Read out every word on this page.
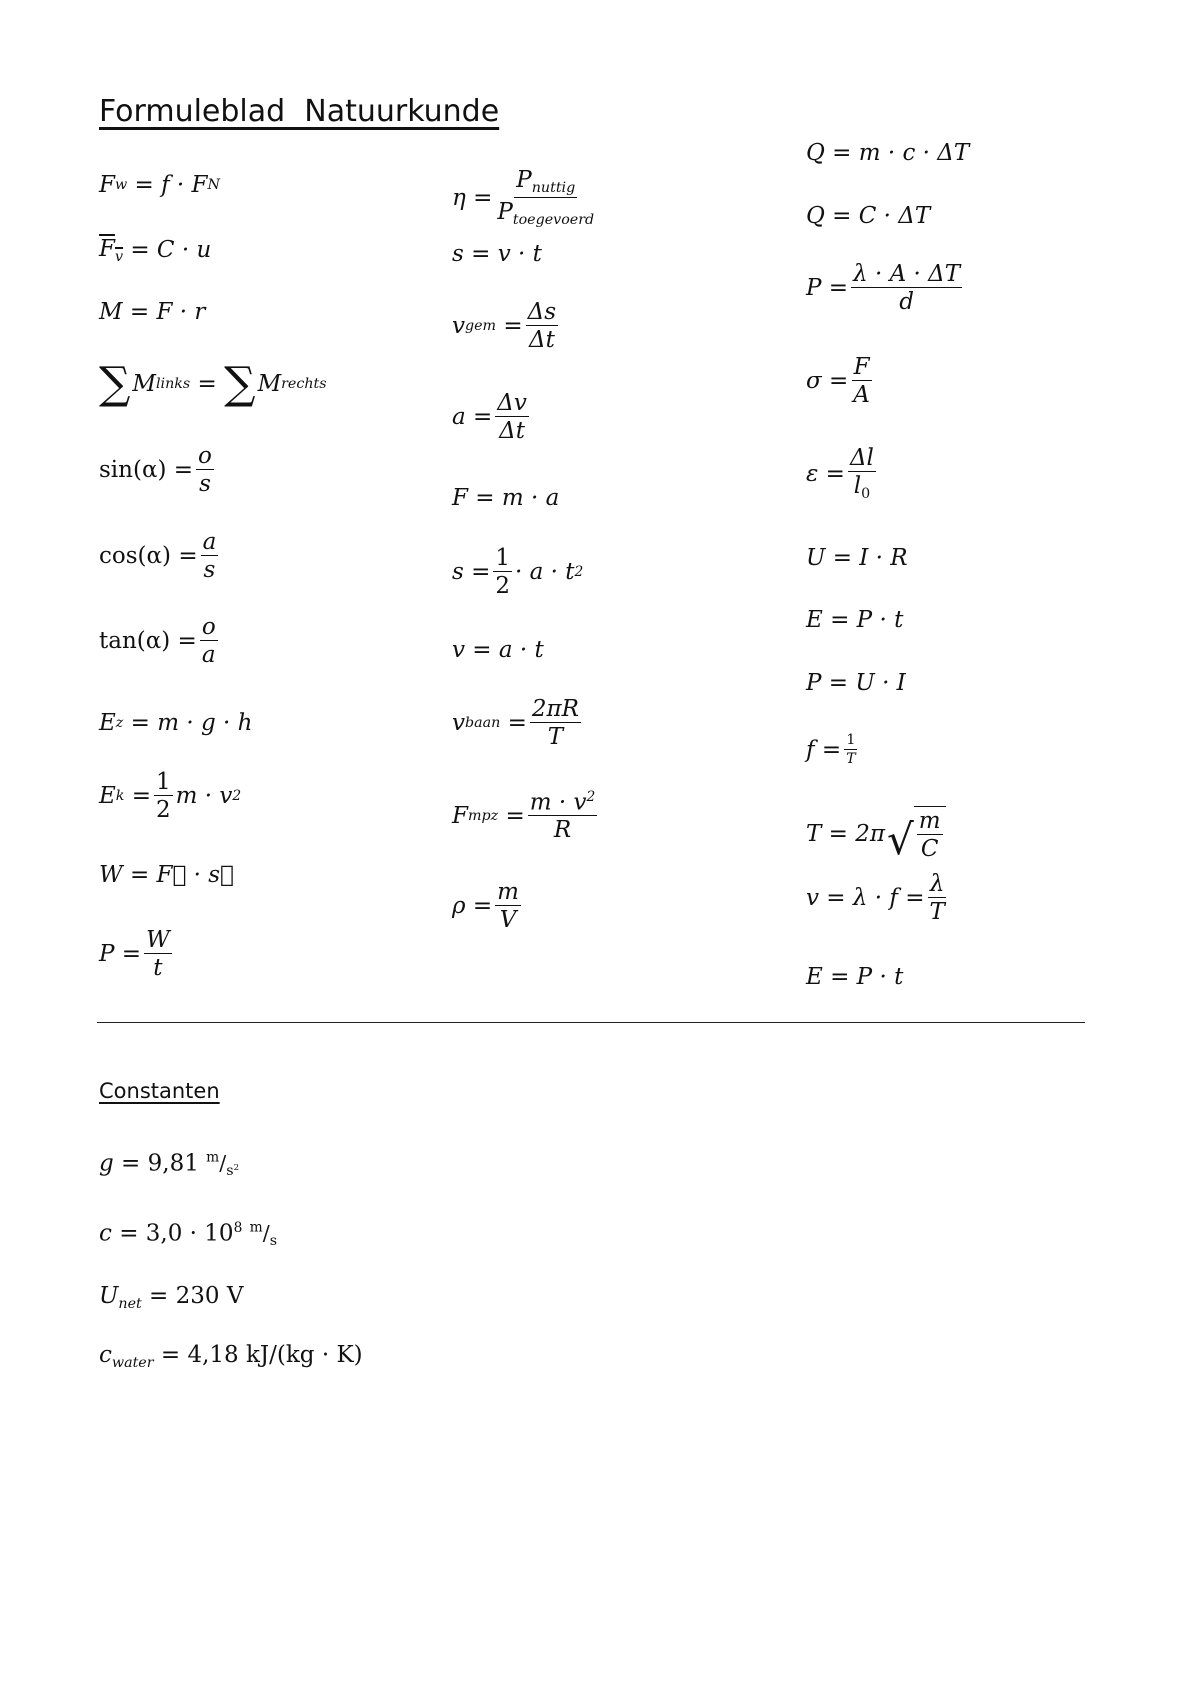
Formuleblad  Natuurkunde
F w
= f · F N
$F_v$
= C · u
M = F · r
∑ M links
=
∑ M rechts
$\sin(\alpha) = \frac{o}{s}$
$\cos(\alpha) = \frac{a}{s}$
$\tan(\alpha) = \frac{o}{a}$
E z
= m · g · h
E k
= $\frac{1}{2}$ m · v 2
W = F⃗ · s⃗
$P = \frac{W}{t}$
$\eta = \frac{P_{nuttig}}{P_{toegevoerd}}$
s = v · t
v gem
= $\frac{\Delta s}{\Delta t}$
$a = \frac{\Delta v}{\Delta t}$
F = m · a
$s = \frac{1}{2} \cdot a \cdot t$ 2
v = a · t
v baan
= $\frac{2\pi R}{T}$
F mpz
= $\frac{m \cdot v^2}{R}$
$\rho = \frac{m}{V}$
Q = m · c · ΔT
Q = C · ΔT
$P = \frac{\lambda \cdot A \cdot \Delta T}{d}$
$\sigma = \frac{F}{A}$
$\varepsilon = \frac{\Delta l}{l_0}$
U = I · R
E = P · t
P = U · I
$f = \frac{1}{T}$
T = 2π √ $\frac{m}{C}$
$v = \lambda \cdot f = \frac{\lambda}{T}$
E = P · t
Constanten
g = 9,81 $^m/_{s^2}$
$c = 3,0 \cdot 10^8$ $^m/_s$
$U_{net} = 230$ V
$c_{water} = 4,18$ kJ/(kg · K)
